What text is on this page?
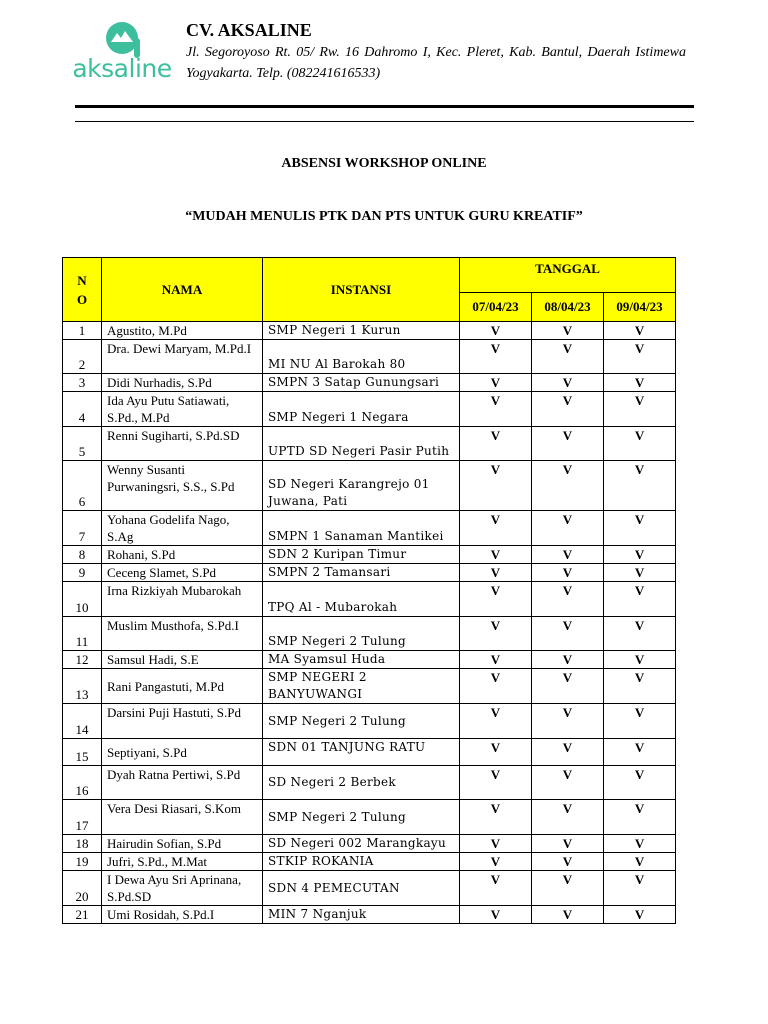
aksaline
CV. AKSALINE
Jl. Segoroyoso Rt. 05/ Rw. 16 Dahromo I, Kec. Pleret, Kab. Bantul, Daerah Istimewa Yogyakarta. Telp. (082241616533)
ABSENSI WORKSHOP ONLINE
“MUDAH MENULIS PTK DAN PTS UNTUK GURU KREATIF”
N
O	NAMA	INSTANSI	TANGGAL		
			07/04/23	08/04/23	09/04/23
1	Agustito, M.Pd	SMP Negeri 1 Kurun	V	V	V
2	Dra. Dewi Maryam, M.Pd.I	MI NU Al Barokah 80	V	V	V
3	Didi Nurhadis, S.Pd	SMPN 3 Satap Gunungsari	V	V	V
4	Ida Ayu Putu Satiawati, S.Pd., M.Pd	SMP Negeri 1 Negara	V	V	V
5	Renni Sugiharti, S.Pd.SD	UPTD SD Negeri Pasir Putih	V	V	V
6	Wenny Susanti Purwaningsri, S.S., S.Pd	SD Negeri Karangrejo 01 Juwana, Pati	V	V	V
7	Yohana Godelifa Nago, S.Ag	SMPN 1 Sanaman Mantikei	V	V	V
8	Rohani, S.Pd	SDN 2 Kuripan Timur	V	V	V
9	Ceceng Slamet, S.Pd	SMPN 2 Tamansari	V	V	V
10	Irna Rizkiyah Mubarokah	TPQ Al - Mubarokah	V	V	V
11	Muslim Musthofa, S.Pd.I	SMP Negeri 2 Tulung	V	V	V
12	Samsul Hadi, S.E	MA Syamsul Huda	V	V	V
13	Rani Pangastuti, M.Pd	SMP NEGERI 2 BANYUWANGI	V	V	V
14	Darsini Puji Hastuti, S.Pd	SMP Negeri 2 Tulung	V	V	V
15	Septiyani, S.Pd	SDN 01 TANJUNG RATU	V	V	V
16	Dyah Ratna Pertiwi, S.Pd	SD Negeri 2 Berbek	V	V	V
17	Vera Desi Riasari, S.Kom	SMP Negeri 2 Tulung	V	V	V
18	Hairudin Sofian, S.Pd	SD Negeri 002 Marangkayu	V	V	V
19	Jufri, S.Pd., M.Mat	STKIP ROKANIA	V	V	V
20	I Dewa Ayu Sri Aprinana, S.Pd.SD	SDN 4 PEMECUTAN	V	V	V
21	Umi Rosidah, S.Pd.I	MIN 7 Nganjuk	V	V	V
